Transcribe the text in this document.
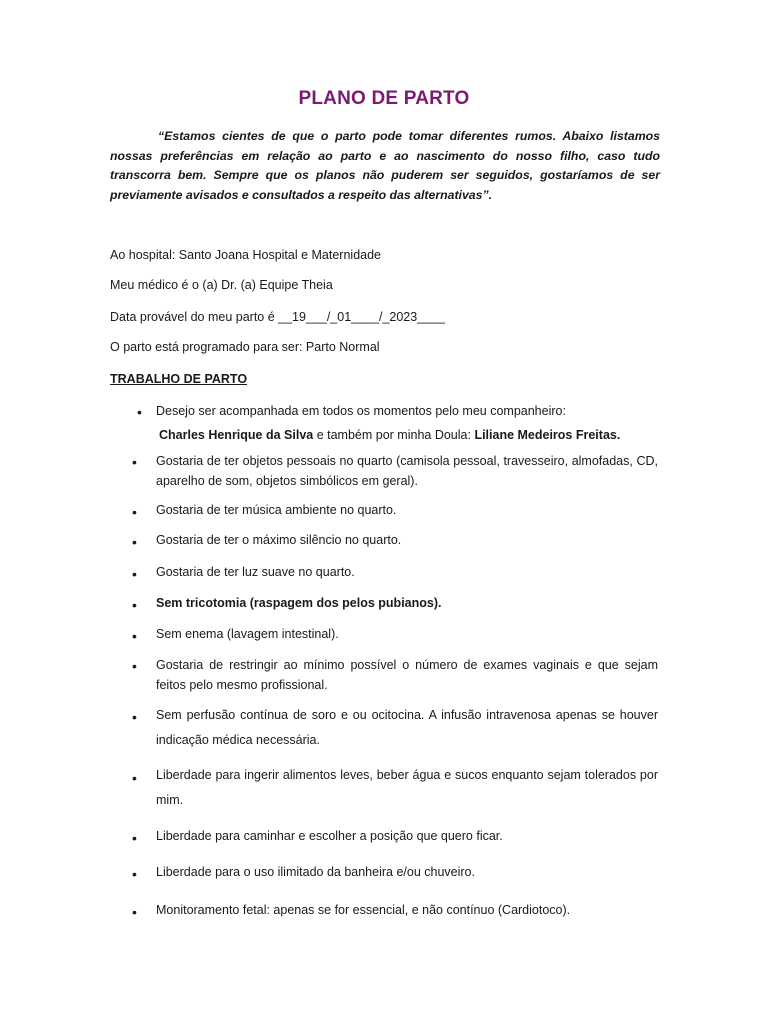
PLANO DE PARTO
“Estamos cientes de que o parto pode tomar diferentes rumos. Abaixo listamos nossas preferências em relação ao parto e ao nascimento do nosso filho, caso tudo transcorra bem. Sempre que os planos não puderem ser seguidos, gostaríamos de ser previamente avisados e consultados a respeito das alternativas”.
Ao hospital: Santo Joana Hospital e Maternidade
Meu médico é o (a) Dr. (a) Equipe Theia
Data provável do meu parto é __19___/_01____/_2023____
O parto está programado para ser: Parto Normal
TRABALHO DE PARTO
• Desejo ser acompanhada em todos os momentos pelo meu companheiro:
Charles Henrique da Silva e também por minha Doula: Liliane Medeiros Freitas.
• Gostaria de ter objetos pessoais no quarto (camisola pessoal, travesseiro, almofadas, CD, aparelho de som, objetos simbólicos em geral).
• Gostaria de ter música ambiente no quarto.
• Gostaria de ter o máximo silêncio no quarto.
• Gostaria de ter luz suave no quarto.
• Sem tricotomia (raspagem dos pelos pubianos).
• Sem enema (lavagem intestinal).
• Gostaria de restringir ao mínimo possível o número de exames vaginais e que sejam feitos pelo mesmo profissional.
• Sem perfusão contínua de soro e ou ocitocina. A infusão intravenosa apenas se houver indicação médica necessária.
• Liberdade para ingerir alimentos leves, beber água e sucos enquanto sejam tolerados por mim.
• Liberdade para caminhar e escolher a posição que quero ficar.
• Liberdade para o uso ilimitado da banheira e/ou chuveiro.
• Monitoramento fetal: apenas se for essencial, e não contínuo (Cardiotoco).
